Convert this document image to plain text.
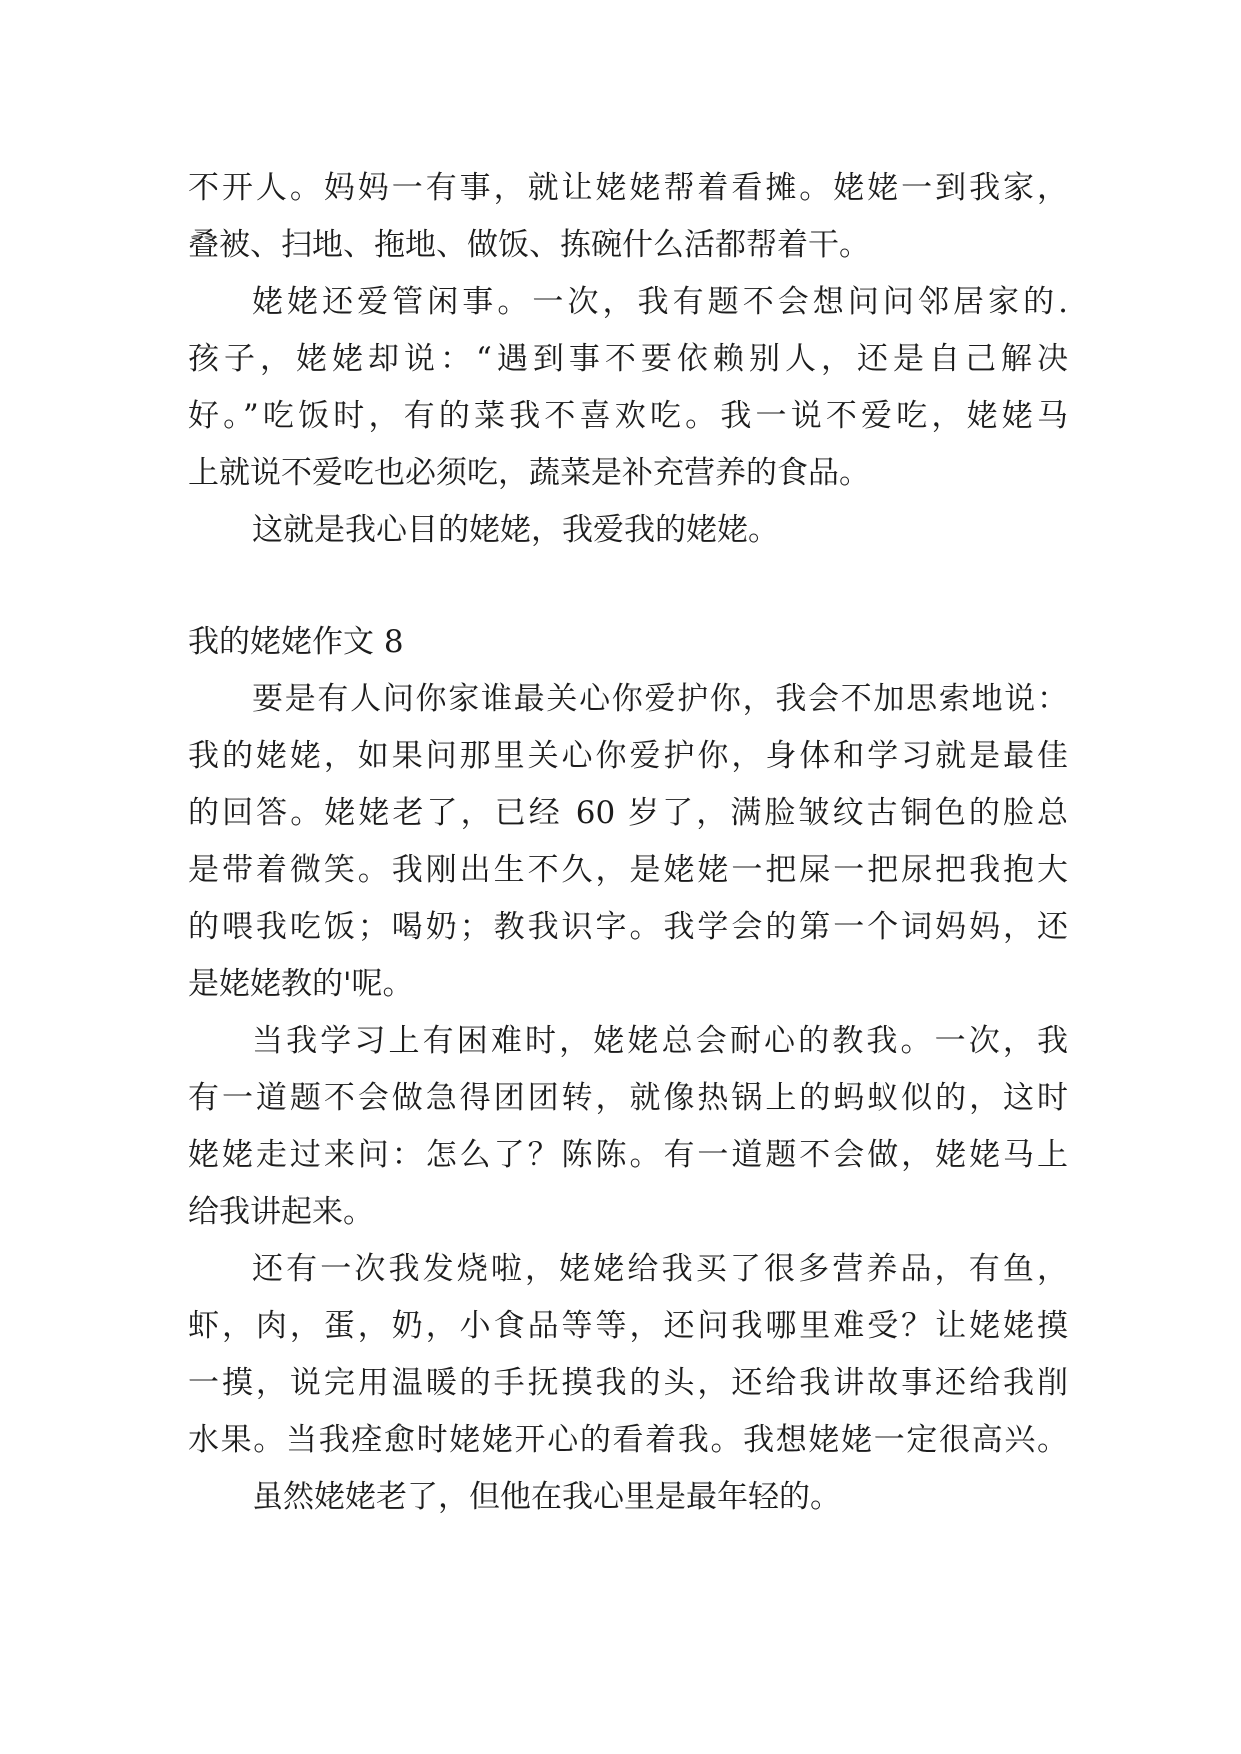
不开人。妈妈一有事，就让姥姥帮着看摊。姥姥一到我家，
叠被、扫地、拖地、做饭、拣碗什么活都帮着干。
姥姥还爱管闲事。一次，我有题不会想问问邻居家的.
孩子，姥姥却说：“遇到事不要依赖别人，还是自己解决
好。”吃饭时，有的菜我不喜欢吃。我一说不爱吃，姥姥马
上就说不爱吃也必须吃，蔬菜是补充营养的食品。
这就是我心目的姥姥，我爱我的姥姥。
我的姥姥作文 8
要是有人问你家谁最关心你爱护你，我会不加思索地说：
我的姥姥，如果问那里关心你爱护你，身体和学习就是最佳
的回答。姥姥老了，已经 60 岁了，满脸皱纹古铜色的脸总
是带着微笑。我刚出生不久，是姥姥一把屎一把尿把我抱大
的喂我吃饭；喝奶；教我识字。我学会的第一个词妈妈，还
是姥姥教的'呢。
当我学习上有困难时，姥姥总会耐心的教我。一次，我
有一道题不会做急得团团转，就像热锅上的蚂蚁似的，这时
姥姥走过来问：怎么了？陈陈。有一道题不会做，姥姥马上
给我讲起来。
还有一次我发烧啦，姥姥给我买了很多营养品，有鱼，
虾，肉，蛋，奶，小食品等等，还问我哪里难受？让姥姥摸
一摸，说完用温暖的手抚摸我的头，还给我讲故事还给我削
水果。当我痊愈时姥姥开心的看着我。我想姥姥一定很高兴。
虽然姥姥老了，但他在我心里是最年轻的。
